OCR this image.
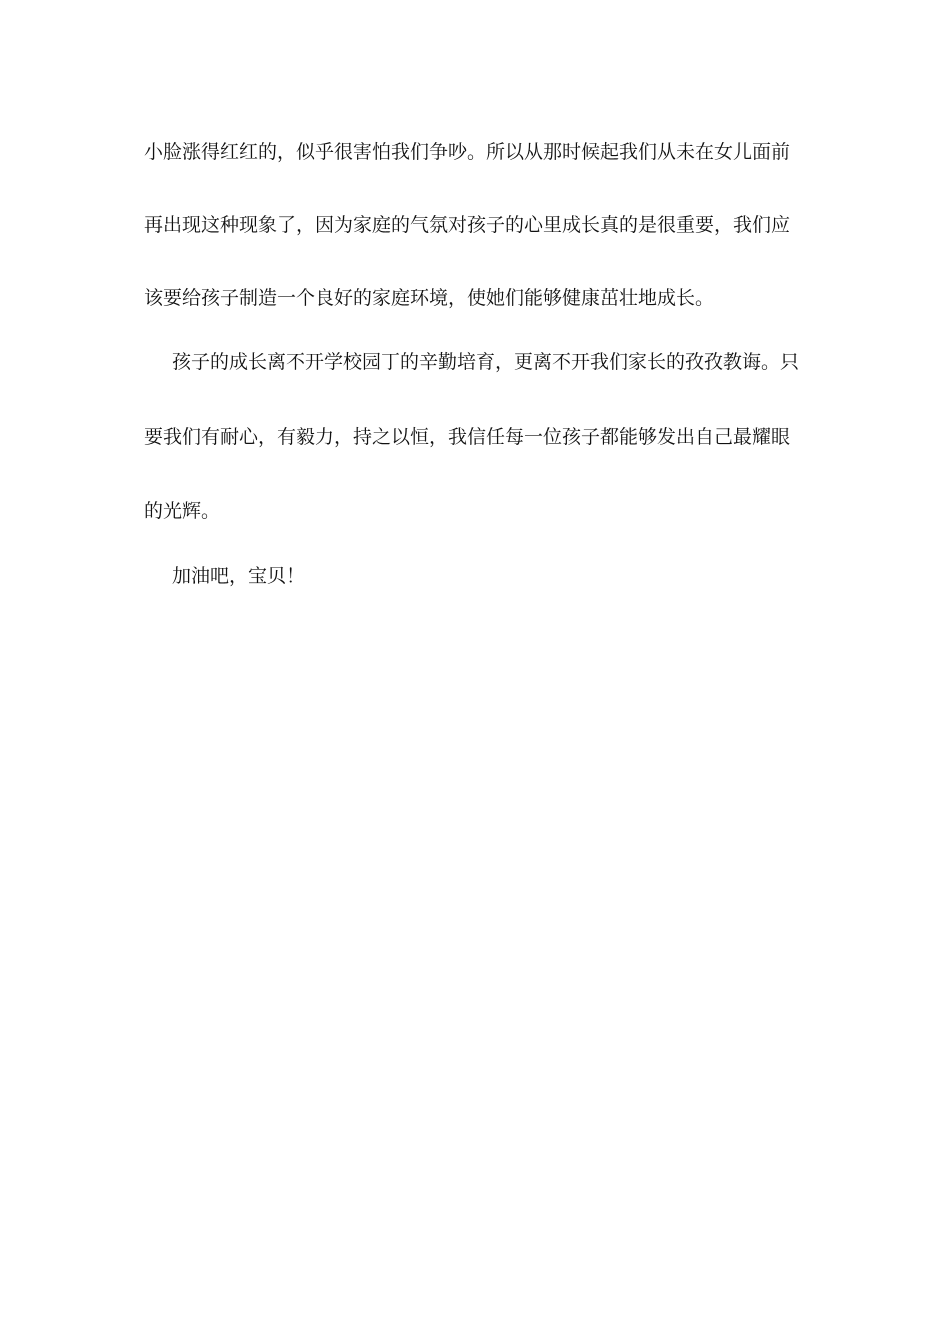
小脸涨得红红的，似乎很害怕我们争吵。所以从那时候起我们从未在女儿面前
再出现这种现象了，因为家庭的气氛对孩子的心里成长真的是很重要，我们应
该要给孩子制造一个良好的家庭环境，使她们能够健康茁壮地成长。
孩子的成长离不开学校园丁的辛勤培育，更离不开我们家长的孜孜教诲。只
要我们有耐心，有毅力，持之以恒，我信任每一位孩子都能够发出自己最耀眼
的光辉。
加油吧，宝贝！
